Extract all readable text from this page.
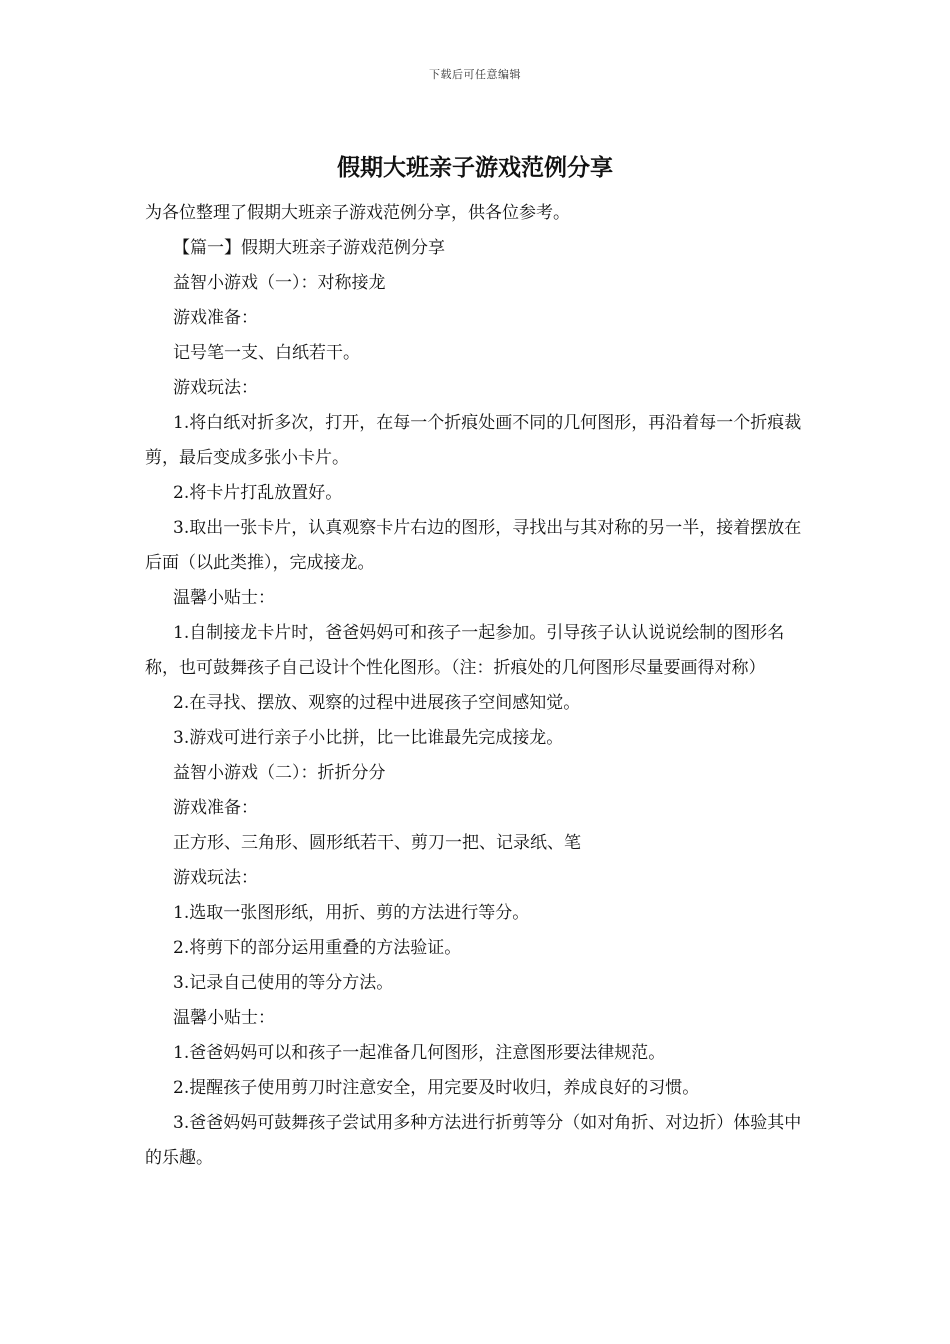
下载后可任意编辑
假期大班亲子游戏范例分享

为各位整理了假期大班亲子游戏范例分享，供各位参考。

【篇一】假期大班亲子游戏范例分享

益智小游戏（一）：对称接龙

游戏准备：

记号笔一支、白纸若干。

游戏玩法：

1.将白纸对折多次，打开，在每一个折痕处画不同的几何图形，再沿着每一个折痕裁剪，最后变成多张小卡片。

2.将卡片打乱放置好。

3.取出一张卡片，认真观察卡片右边的图形，寻找出与其对称的另一半，接着摆放在后面（以此类推），完成接龙。

温馨小贴士：

1.自制接龙卡片时，爸爸妈妈可和孩子一起参加。引导孩子认认说说绘制的图形名称，也可鼓舞孩子自己设计个性化图形。（注：折痕处的几何图形尽量要画得对称）

2.在寻找、摆放、观察的过程中进展孩子空间感知觉。

3.游戏可进行亲子小比拼，比一比谁最先完成接龙。

益智小游戏（二）：折折分分

游戏准备：

正方形、三角形、圆形纸若干、剪刀一把、记录纸、笔

游戏玩法：

1.选取一张图形纸，用折、剪的方法进行等分。

2.将剪下的部分运用重叠的方法验证。

3.记录自己使用的等分方法。

温馨小贴士：

1.爸爸妈妈可以和孩子一起准备几何图形，注意图形要法律规范。

2.提醒孩子使用剪刀时注意安全，用完要及时收归，养成良好的习惯。

3.爸爸妈妈可鼓舞孩子尝试用多种方法进行折剪等分（如对角折、对边折）体验其中的乐趣。
